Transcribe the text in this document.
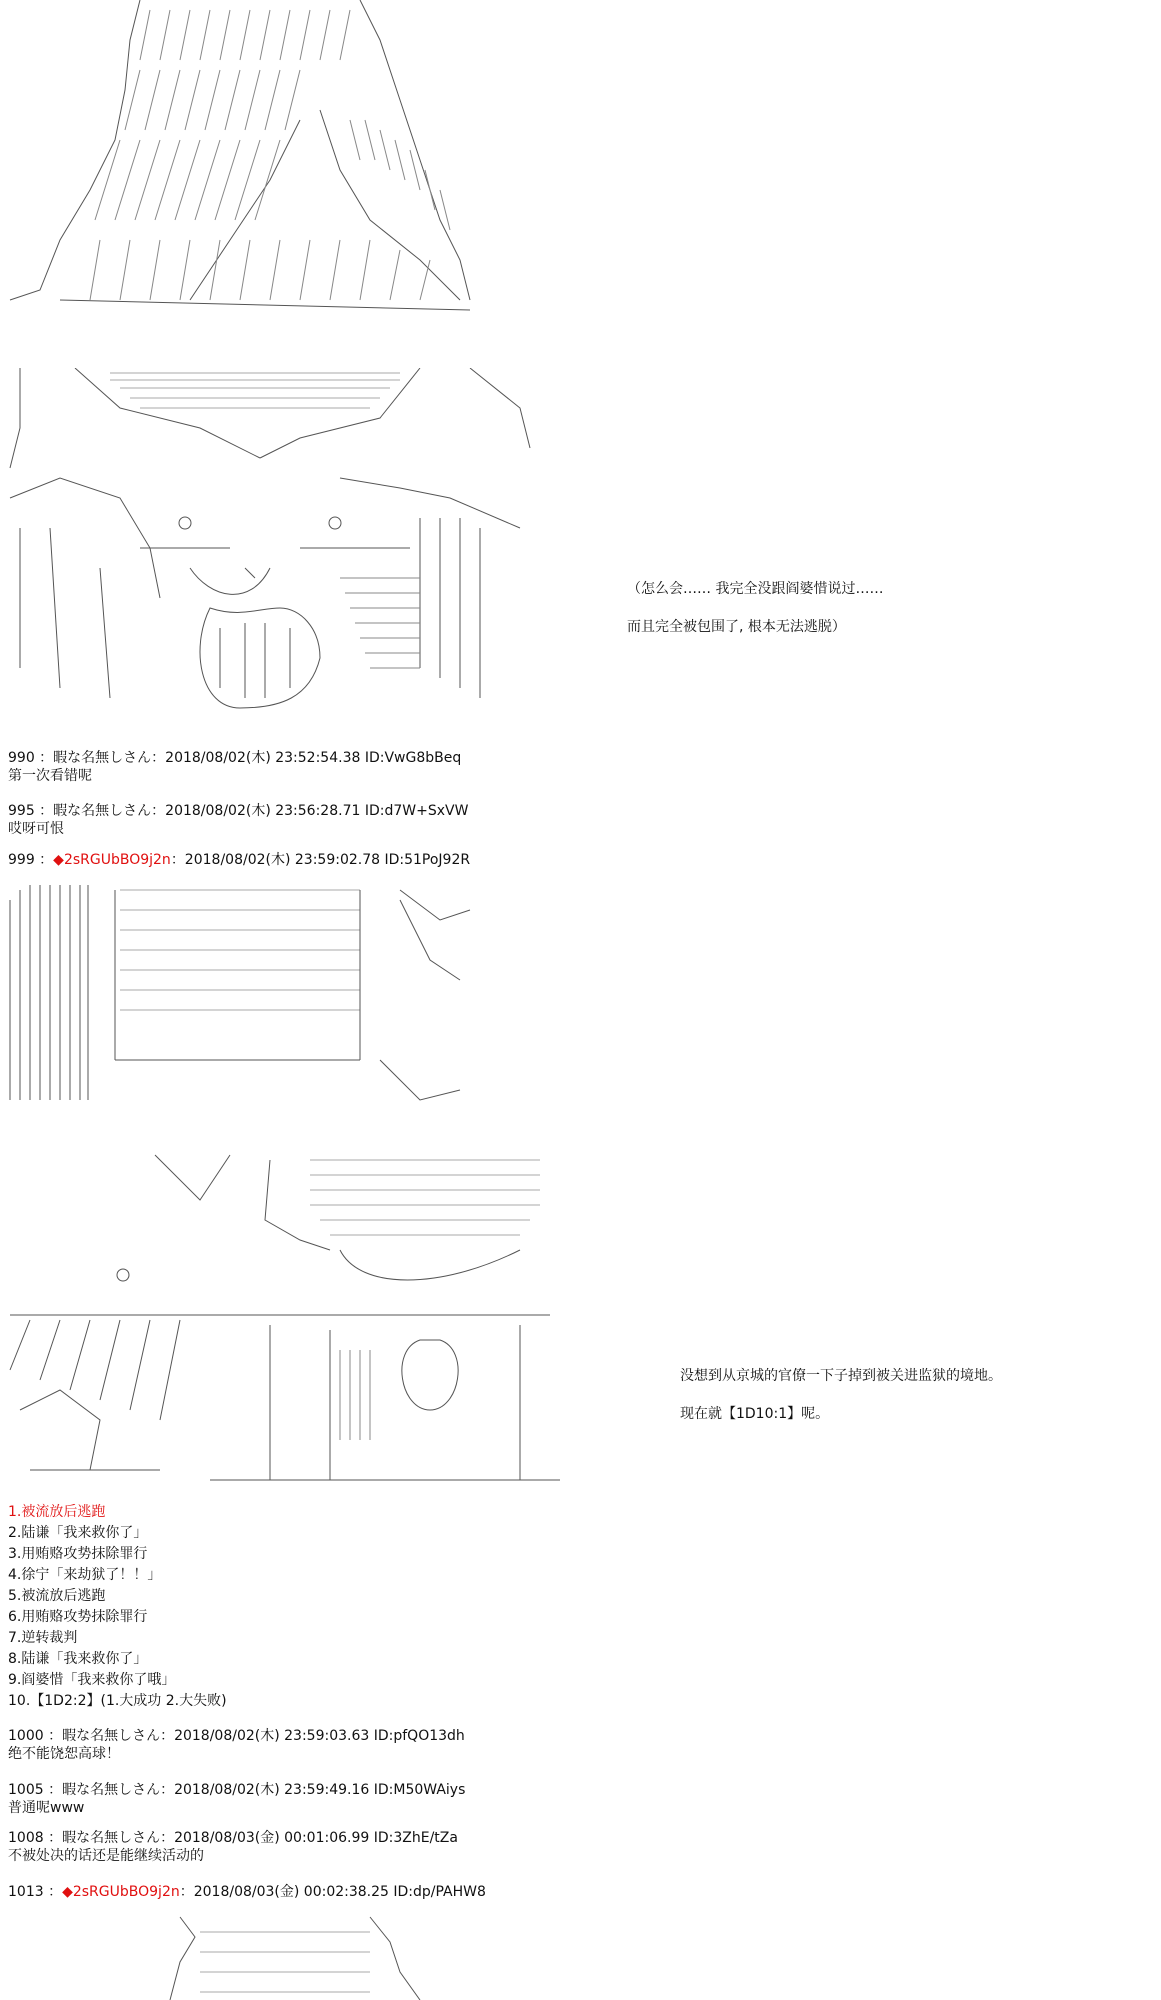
（怎么会…… 我完全没跟阎婆惜说过……
而且完全被包围了, 根本无法逃脱）
990 ：暇な名無しさん：2018/08/02(木) 23:52:54.38 ID:VwG8bBeq
第一次看错呢
995 ：暇な名無しさん：2018/08/02(木) 23:56:28.71 ID:d7W+SxVW
哎呀可恨
999 ：◆2sRGUbBO9j2n：2018/08/02(木) 23:59:02.78 ID:51PoJ92R
没想到从京城的官僚一下子掉到被关进监狱的境地。
现在就【1D10:1】呢。
1.被流放后逃跑
2.陆谦「我来救你了」
3.用贿赂攻势抹除罪行
4.徐宁「来劫狱了！！」
5.被流放后逃跑
6.用贿赂攻势抹除罪行
7.逆转裁判
8.陆谦「我来救你了」
9.阎婆惜「我来救你了哦」
10.【1D2:2】(1.大成功 2.大失败)
1000 ：暇な名無しさん：2018/08/02(木) 23:59:03.63 ID:pfQO13dh
绝不能饶恕高球！
1005 ：暇な名無しさん：2018/08/02(木) 23:59:49.16 ID:M50WAiys
普通呢www
1008 ：暇な名無しさん：2018/08/03(金) 00:01:06.99 ID:3ZhE/tZa
不被处决的话还是能继续活动的
1013 ：◆2sRGUbBO9j2n：2018/08/03(金) 00:02:38.25 ID:dp/PAHW8
